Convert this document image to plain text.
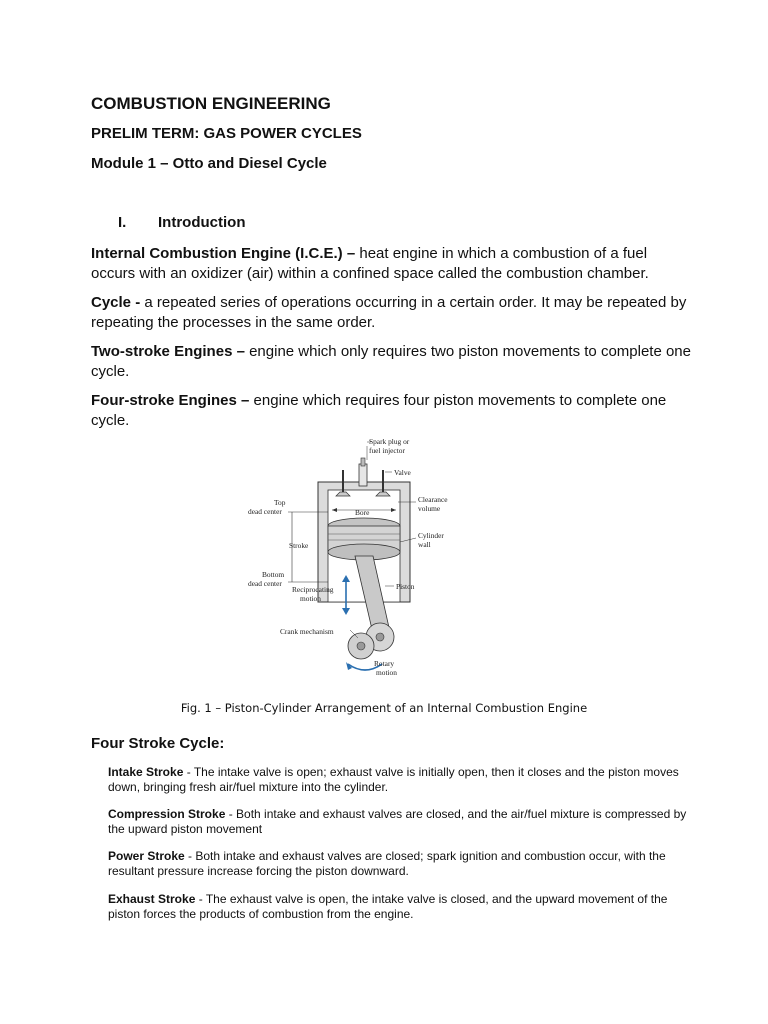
COMBUSTION ENGINEERING
PRELIM TERM: GAS POWER CYCLES
Module 1 – Otto and Diesel Cycle
I. Introduction
Internal Combustion Engine (I.C.E.) – heat engine in which a combustion of a fuel occurs with an oxidizer (air) within a confined space called the combustion chamber.
Cycle - a repeated series of operations occurring in a certain order. It may be repeated by repeating the processes in the same order.
Two-stroke Engines – engine which only requires two piston movements to complete one cycle.
Four-stroke Engines – engine which requires four piston movements to complete one cycle.
Spark plug or
fuel injector
Valve
Top
dead center	Bore
Clearance
volume
Cylinder
wall
Stroke
Bottom
dead center
Reciprocating
motion
Piston
Crank mechanism
Rotary
motion
Fig. 1 – Piston-Cylinder Arrangement of an Internal Combustion Engine
Four Stroke Cycle:
Intake Stroke - The intake valve is open; exhaust valve is initially open, then it closes and the piston moves down, bringing fresh air/fuel mixture into the cylinder.
Compression Stroke - Both intake and exhaust valves are closed, and the air/fuel mixture is compressed by the upward piston movement
Power Stroke - Both intake and exhaust valves are closed; spark ignition and combustion occur, with the resultant pressure increase forcing the piston downward.
Exhaust Stroke - The exhaust valve is open, the intake valve is closed, and the upward movement of the piston forces the products of combustion from the engine.
